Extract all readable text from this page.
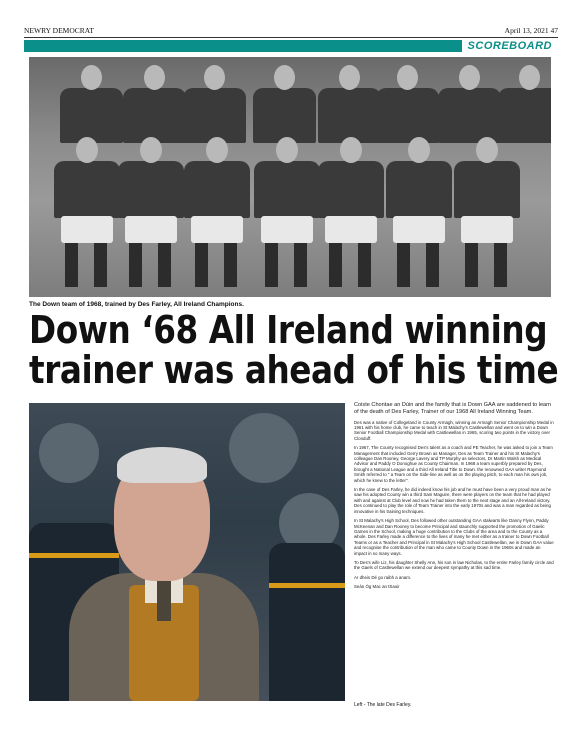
NEWRY DEMOCRAT	April 13, 2021 47
SCOREBOARD
The Down team of 1968, trained by Des Farley, All Ireland Champions.
Down ‘68 All Ireland winning
trainer was ahead of his time

Coiste Chontae an Dúin and the family that is Down GAA are saddened to learn of the death of Des Farley, Trainer of our 1968 All Ireland Winning Team.

Des was a native of Collegeland in County Armagh, winning an Armagh Senior Championship Medal in 1961 with his home club, he came to teach in St Malachy's Castlewellan and went on to win a Down Senior Football Championship Medal with Castlewellan in 1965, scoring two points in the victory over Clonduff.

In 1967, The County recognised Des's talent as a coach and PE Teacher, he was asked to join a Team Management that included Gerry Brown as Manager, Des as Team Trainer and his St Malachy's colleague Dan Rooney, George Lavery and TP Murphy as selectors, Dr Martin Walsh as Medical Advisor and Paddy O Donoghue as County Chairman. In 1968 a team superbly prepared by Des, brought a National League and a third All Ireland Title to Down. the renowned GAA writer Raymond Smith referred to " a Team on the Side-line as well as on the playing pitch, to each man his own job, which he knew to the letter".

In the case of Des Farley, he did indeed know his job and he must have been a very proud man as he saw his adopted County win a third Sam Maguire, there were players on the team that he had played with and against at Club level and now he had taken them to the next stage and an All-Ireland victory. Des continued to play the role of Team Trainer into the early 1970s and was a man regarded as being innovative in his training techniques.

In St Malachy's High School, Des followed other outstanding GAA stalwarts like Danny Flynn, Paddy McKeenan and Dan Rooney to become Principal and staunchly supported the promotion of Gaelic Games in the School, making a huge contribution to the Clubs of the area and to the County as a whole. Des Farley made a difference to the lives of many he met either as a trainer to Down Football Teams or as a Teacher and Principal in St Malachy's High School Castlewellan, we in Down GAA value and recognise the contribution of the man who came to County Down in the 1960s and made an impact in so many ways.

To Des's wife Liz, his daughter Shelly Ann, his son in law Nicholas, to the entire Farley family circle and the Gaels of Castlewellan we extend our deepest sympathy at this sad time.

Ar dheis Dé go raibh a anam.

Seán Óg Mac an tSaoir

Left - The late Des Farley.
